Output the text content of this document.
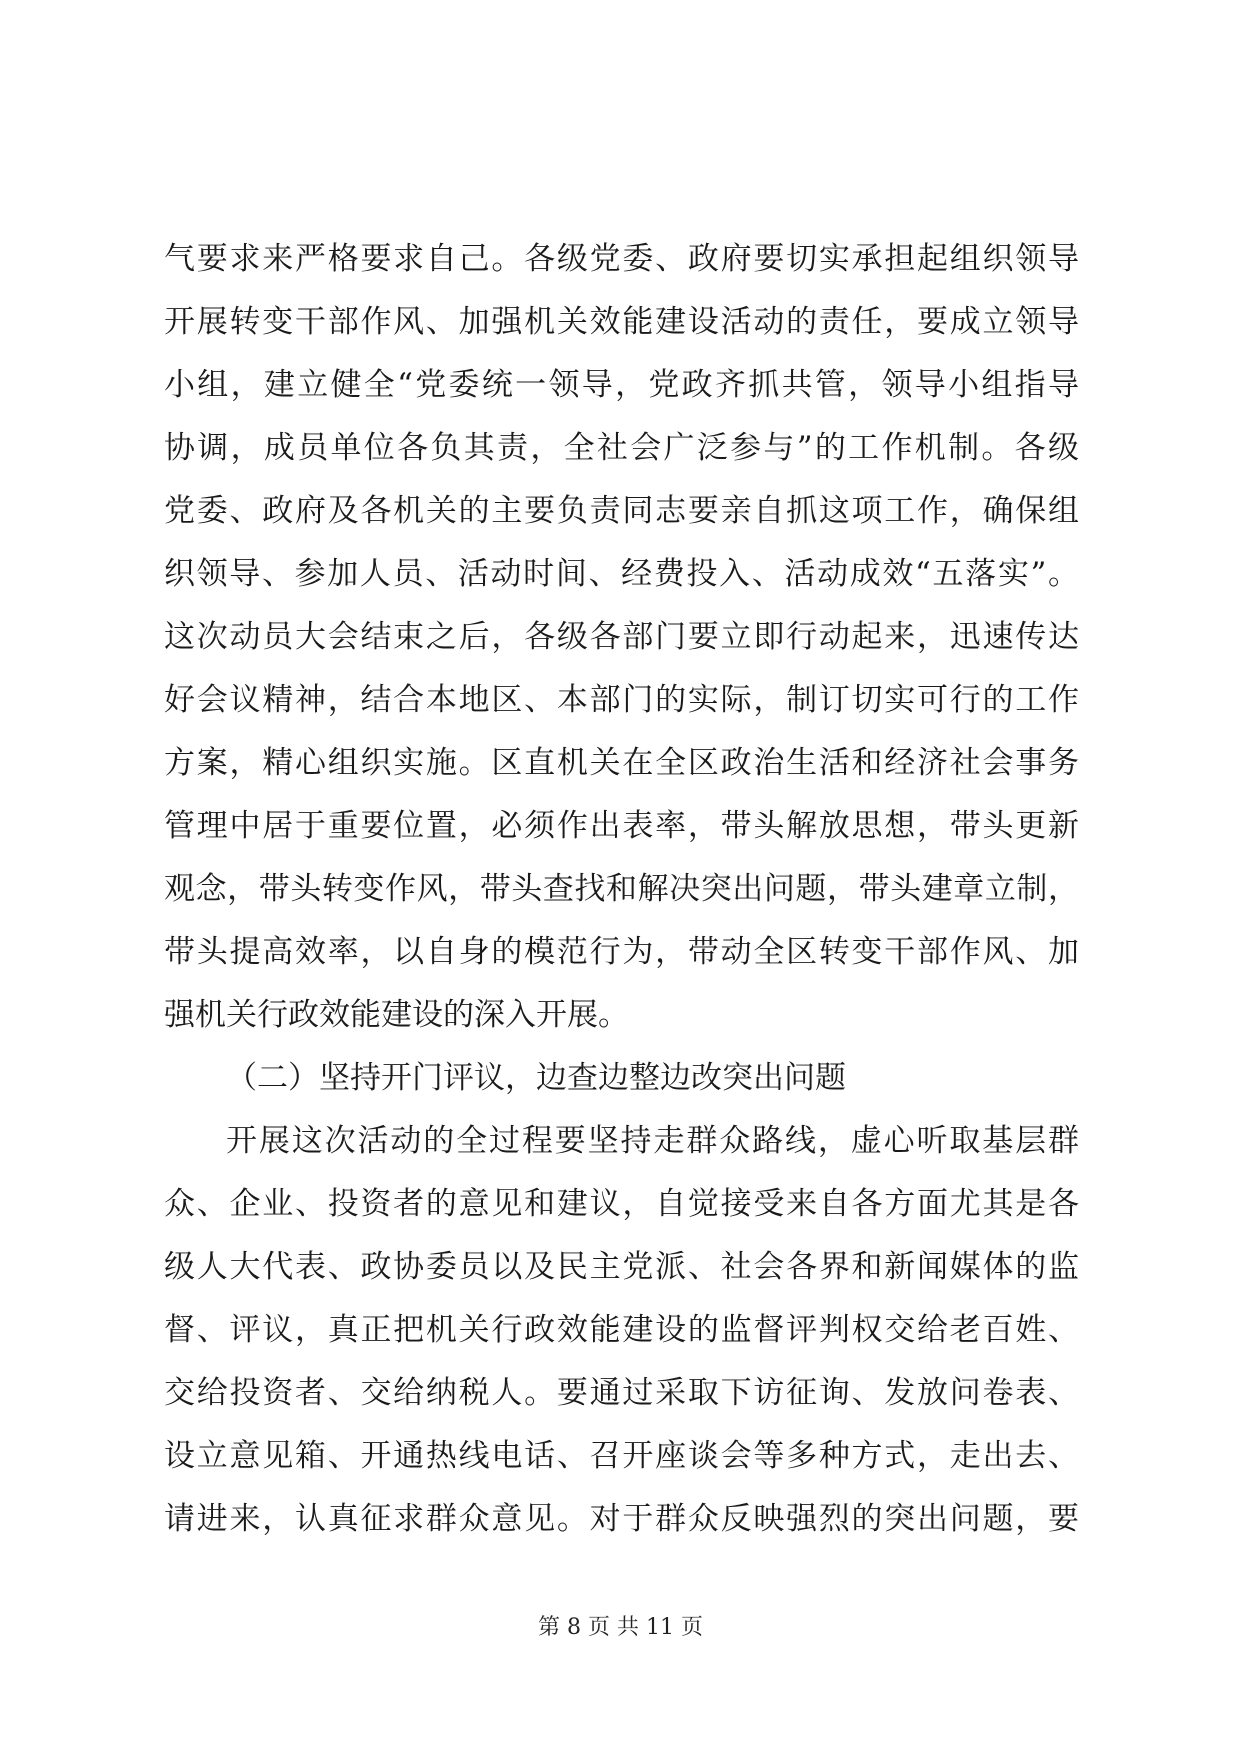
气要求来严格要求自己。各级党委、政府要切实承担起组织领导
开展转变干部作风、加强机关效能建设活动的责任，要成立领导
小组，建立健全“党委统一领导，党政齐抓共管，领导小组指导
协调，成员单位各负其责，全社会广泛参与”的工作机制。各级
党委、政府及各机关的主要负责同志要亲自抓这项工作，确保组
织领导、参加人员、活动时间、经费投入、活动成效“五落实”。
这次动员大会结束之后，各级各部门要立即行动起来，迅速传达
好会议精神，结合本地区、本部门的实际，制订切实可行的工作
方案，精心组织实施。区直机关在全区政治生活和经济社会事务
管理中居于重要位置，必须作出表率，带头解放思想，带头更新
观念，带头转变作风，带头查找和解决突出问题，带头建章立制，
带头提高效率，以自身的模范行为，带动全区转变干部作风、加
强机关行政效能建设的深入开展。
（二）坚持开门评议，边查边整边改突出问题
开展这次活动的全过程要坚持走群众路线，虚心听取基层群
众、企业、投资者的意见和建议，自觉接受来自各方面尤其是各
级人大代表、政协委员以及民主党派、社会各界和新闻媒体的监
督、评议，真正把机关行政效能建设的监督评判权交给老百姓、
交给投资者、交给纳税人。要通过采取下访征询、发放问卷表、
设立意见箱、开通热线电话、召开座谈会等多种方式，走出去、
请进来，认真征求群众意见。对于群众反映强烈的突出问题，要
第 8 页 共 11 页
